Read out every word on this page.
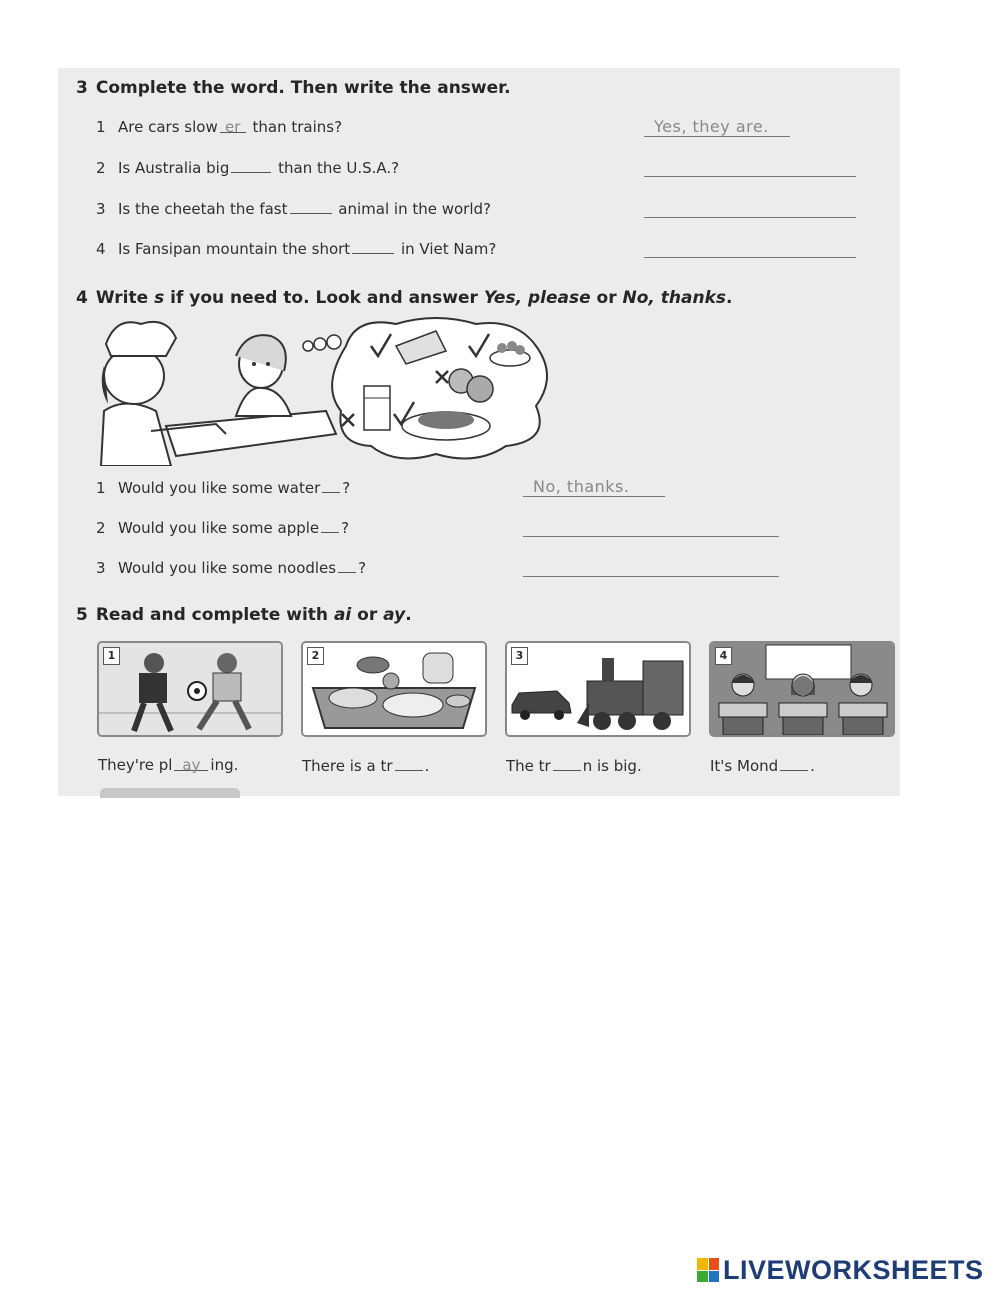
3 Complete the word. Then write the answer.
1 Are cars slow er than trains?	Yes, they are.
2 Is Australia big	than the U.S.A.?
3 Is the cheetah the fast	animal in the world?
4 Is Fansipan mountain the short	in Viet Nam?
4 Write s if you need to. Look and answer Yes, please or No, thanks.
1 Would you like some water ?	No, thanks.
2 Would you like some apple ?
3 Would you like some noodles ?
5 Read and complete with ai or ay.
1
They're pl ay ing.
2
There is a tr .
3
The tr n is big.
4
It's Mond .
LIVEWORKSHEETS
